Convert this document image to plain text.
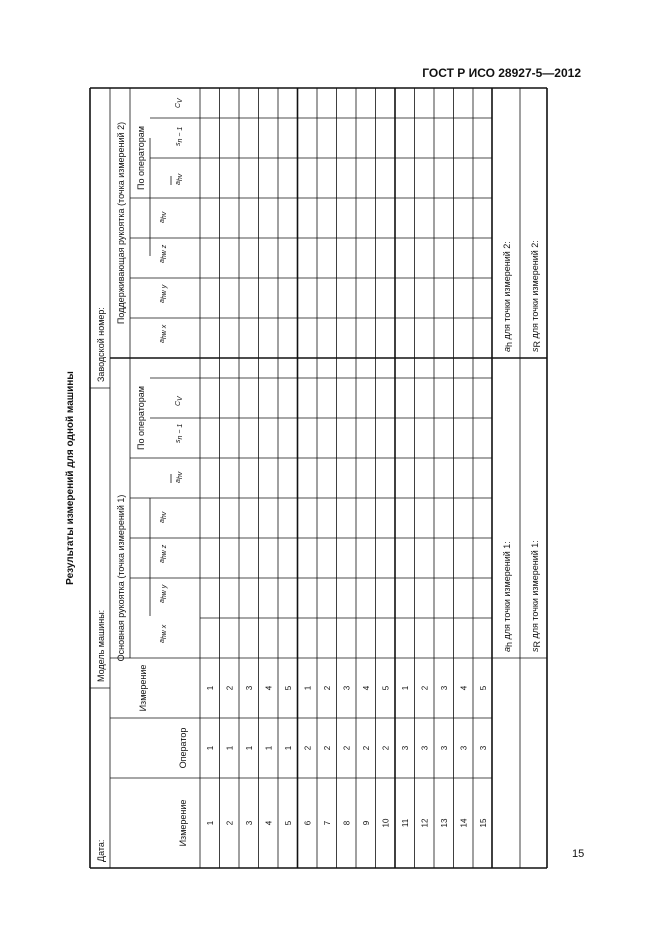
ГОСТ Р ИСО 28927-5—2012
Результаты измерений для одной машины
Дата:
Модель машины:
Заводской номер:
Измерение
Оператор
Измерение
Основная рукоятка (точка измерений 1)
Поддерживающая рукоятка (точка измерений 2)
По операторам
По операторам
ahw x
ahw y
ahw z
ahv
ahv
sn − 1
CV
ahw x
ahw y
ahw z
ahv
ahv
sn − 1
CV
1
1
1
2
1
2
3
1
3
4
1
4
5
1
5
6
2
1
7
2
2
8
2
3
9
2
4
10
2
5
11
3
1
12
3
2
13
3
3
14
3
4
15
3
5
ah для точки измерений 1:
sR для точки измерений 1:
ah для точки измерений 2:
sR для точки измерений 2:
15
